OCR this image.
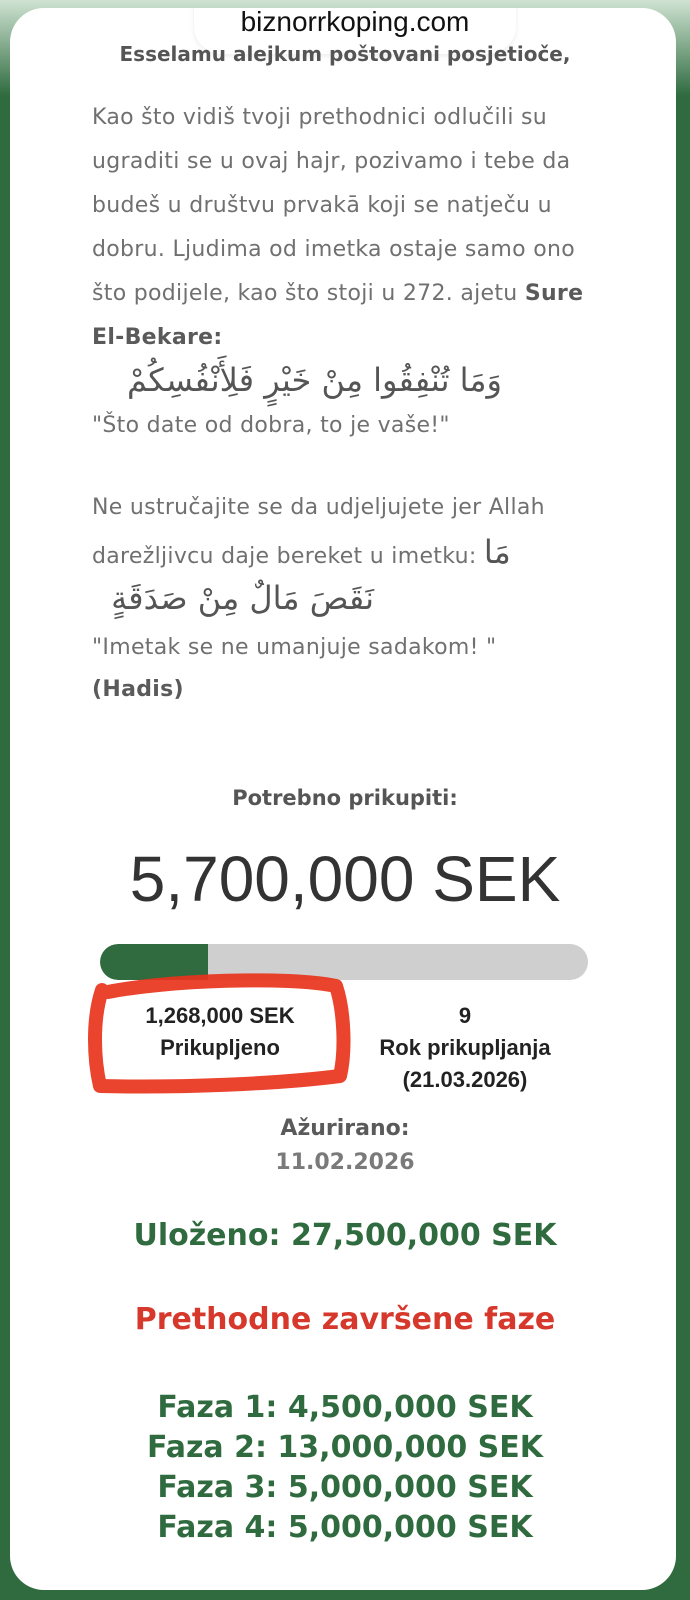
biznorrkoping.com
Esselamu alejkum poštovani posjetioče,
Kao što vidiš tvoji prethodnici odlučili su ugraditi se u ovaj hajr, pozivamo i tebe da budeš u društvu prvakā koji se natječu u dobru. Ljudima od imetka ostaje samo ono što podijele, kao što stoji u 272. ajetu Sure El-Bekare:
وَمَا تُنْفِقُوا مِنْ خَيْرٍ فَلِأَنْفُسِكُمْ
"Što date od dobra, to je vaše!"
Ne ustručajite se da udjeljujete jer Allah darežljivcu daje bereket u imetku: مَا
نَقَصَ مَالٌ مِنْ صَدَقَةٍ
"Imetak se ne umanjuje sadakom! "
(Hadis)
Potrebno prikupiti:
5,700,000 SEK
1,268,000 SEK
Prikupljeno
9
Rok prikupljanja
(21.03.2026)
Ažurirano:
11.02.2026
Uloženo: 27,500,000 SEK
Prethodne završene faze
Faza 1: 4,500,000 SEK
Faza 2: 13,000,000 SEK
Faza 3: 5,000,000 SEK
Faza 4: 5,000,000 SEK
